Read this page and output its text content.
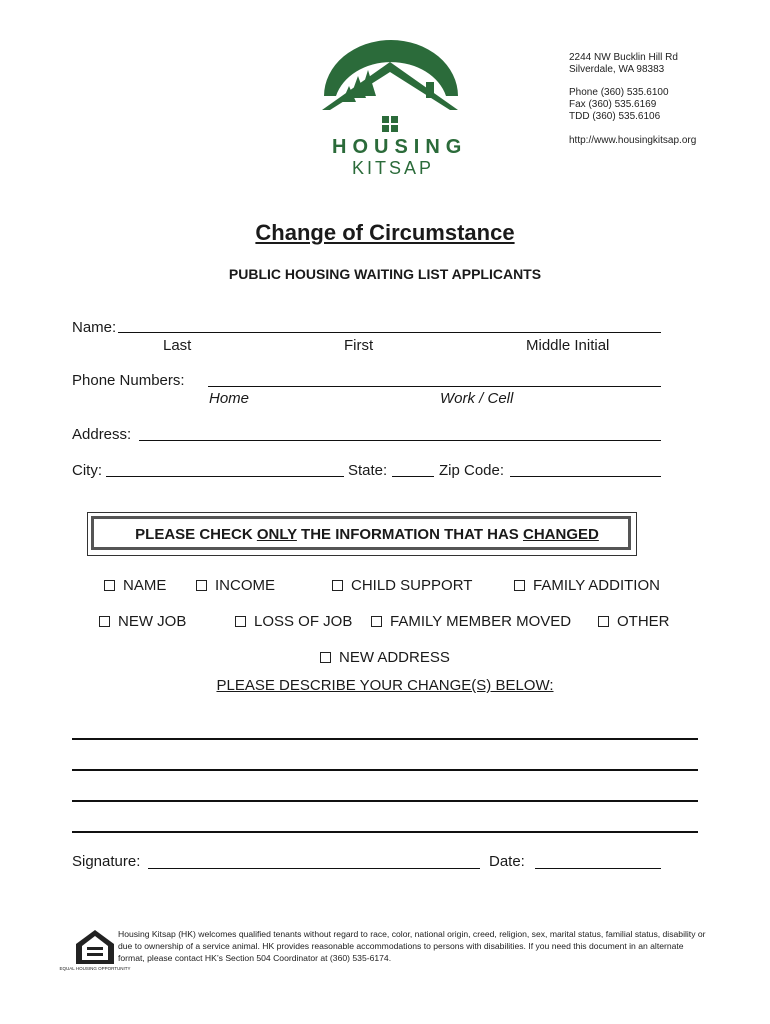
HOUSING
KITSAP
2244 NW Bucklin Hill Rd
Silverdale, WA 98383
Phone (360) 535.6100
Fax (360) 535.6169
TDD (360) 535.6106
http://www.housingkitsap.org
Change of Circumstance
PUBLIC HOUSING WAITING LIST APPLICANTS
Name:
Last	First	Middle Initial
Phone Numbers:
Home	Work / Cell
Address:
City:	State:	Zip Code:
PLEASE CHECK ONLY THE INFORMATION THAT HAS CHANGED
NAME	INCOME	CHILD SUPPORT	FAMILY ADDITION
NEW JOB	LOSS OF JOB	FAMILY MEMBER MOVED	OTHER
NEW ADDRESS
PLEASE DESCRIBE YOUR CHANGE(S) BELOW:
Signature:	Date:
EQUAL HOUSING OPPORTUNITY
Housing Kitsap (HK) welcomes qualified tenants without regard to race, color, national origin, creed, religion, sex, marital status, familial status, disability or due to ownership of a service animal. HK provides reasonable accommodations to persons with disabilities. If you need this document in an alternate format, please contact HK’s Section 504 Coordinator at (360) 535-6174.
